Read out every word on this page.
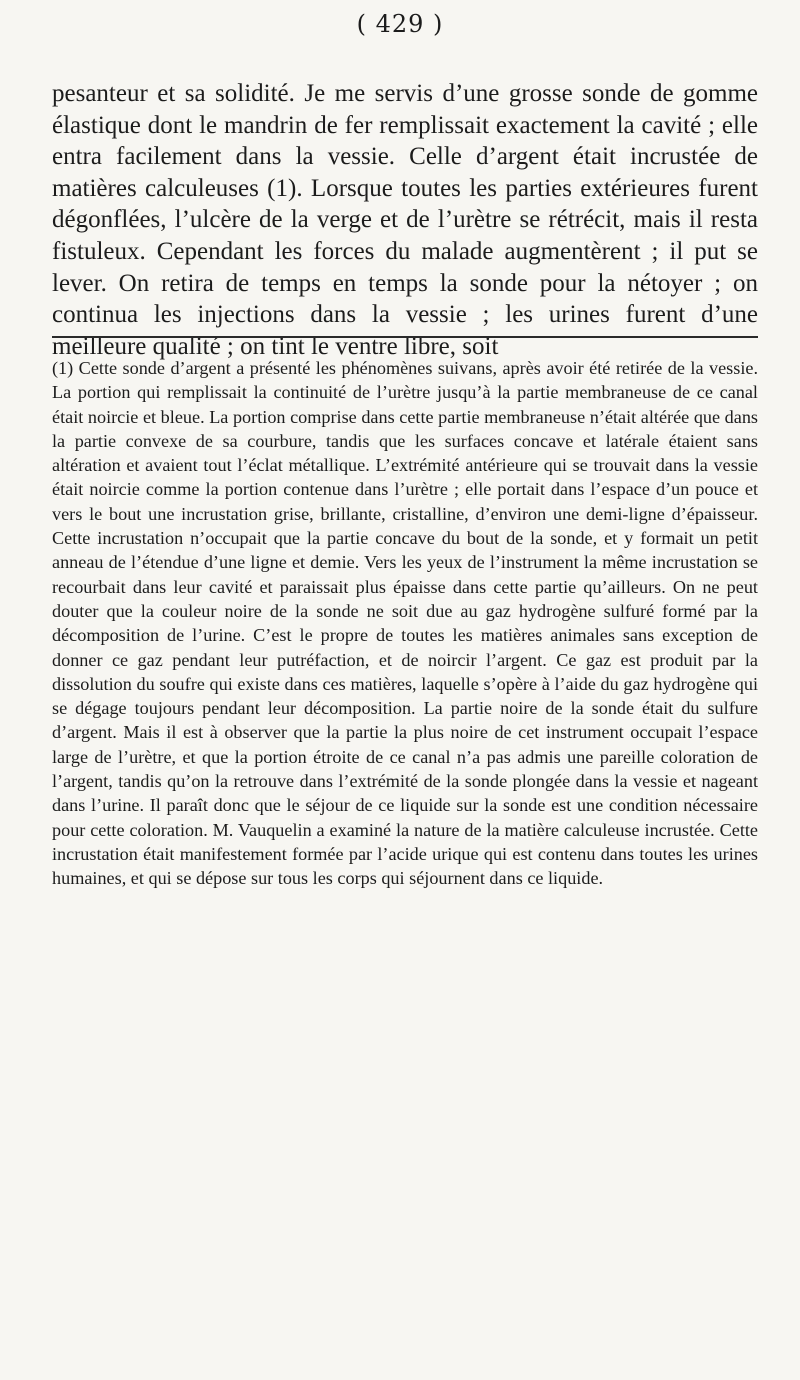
( 429 )

pesanteur et sa solidité. Je me servis d’une grosse sonde de gomme élastique dont le mandrin de fer remplissait exactement la cavité ; elle entra facilement dans la vessie. Celle d’argent était incrustée de matières calculeuses (1). Lorsque toutes les parties extérieures furent dégonflées, l’ulcère de la verge et de l’urètre se rétrécit, mais il resta fistuleux. Cependant les forces du malade augmentèrent ; il put se lever. On retira de temps en temps la sonde pour la nétoyer ; on continua les injections dans la vessie ; les urines furent d’une meilleure qualité ; on tint le ventre libre, soit

(1) Cette sonde d’argent a présenté les phénomènes suivans, après avoir été retirée de la vessie. La portion qui remplissait la continuité de l’urètre jusqu’à la partie membraneuse de ce canal était noircie et bleue. La portion comprise dans cette partie membraneuse n’était altérée que dans la partie convexe de sa courbure, tandis que les surfaces concave et latérale étaient sans altération et avaient tout l’éclat métallique. L’extrémité antérieure qui se trouvait dans la vessie était noircie comme la portion contenue dans l’urètre ; elle portait dans l’espace d’un pouce et vers le bout une incrustation grise, brillante, cristalline, d’environ une demi-ligne d’épaisseur. Cette incrustation n’occupait que la partie concave du bout de la sonde, et y formait un petit anneau de l’étendue d’une ligne et demie. Vers les yeux de l’instrument la même incrustation se recourbait dans leur cavité et paraissait plus épaisse dans cette partie qu’ailleurs. On ne peut douter que la couleur noire de la sonde ne soit due au gaz hydrogène sulfuré formé par la décomposition de l’urine. C’est le propre de toutes les matières animales sans exception de donner ce gaz pendant leur putréfaction, et de noircir l’argent. Ce gaz est produit par la dissolution du soufre qui existe dans ces matières, laquelle s’opère à l’aide du gaz hydrogène qui se dégage toujours pendant leur décomposition. La partie noire de la sonde était du sulfure d’argent. Mais il est à observer que la partie la plus noire de cet instrument occupait l’espace large de l’urètre, et que la portion étroite de ce canal n’a pas admis une pareille coloration de l’argent, tandis qu’on la retrouve dans l’extrémité de la sonde plongée dans la vessie et nageant dans l’urine. Il paraît donc que le séjour de ce liquide sur la sonde est une condition nécessaire pour cette coloration. M. Vauquelin a examiné la nature de la matière calculeuse incrustée. Cette incrustation était manifestement formée par l’acide urique qui est contenu dans toutes les urines humaines, et qui se dépose sur tous les corps qui séjournent dans ce liquide.
